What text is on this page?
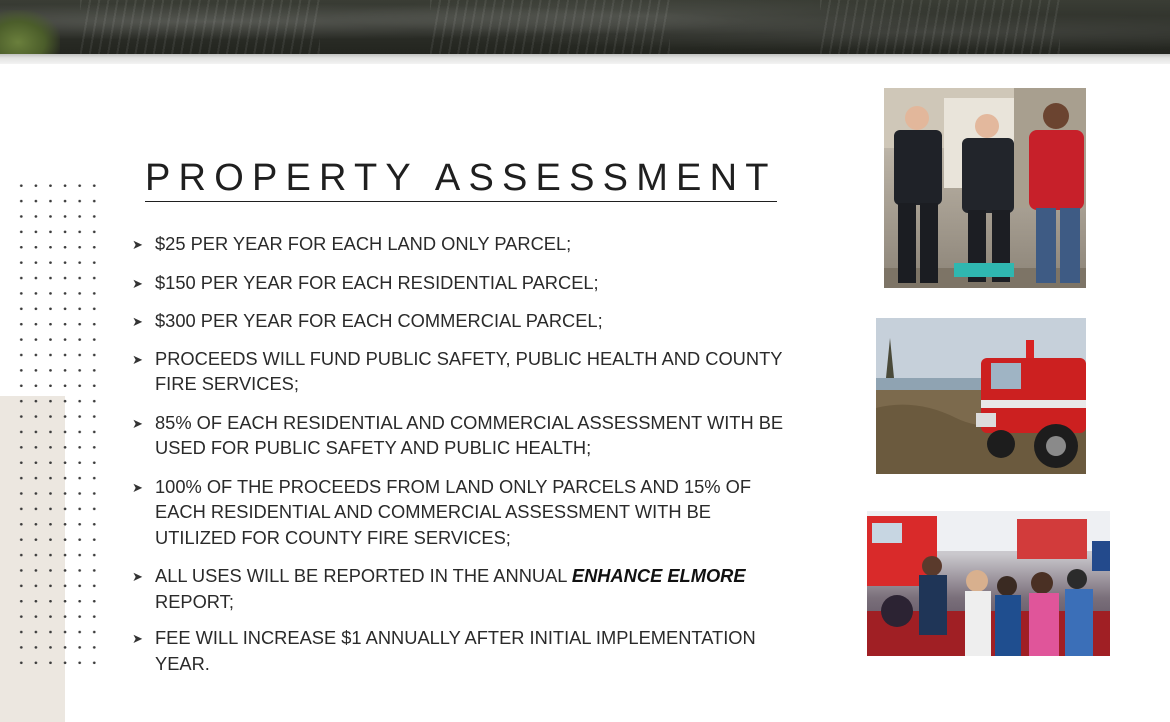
PROPERTY ASSESSMENT
➤ $25 PER YEAR FOR EACH LAND ONLY PARCEL;
➤ $150 PER YEAR FOR EACH RESIDENTIAL PARCEL;
➤ $300 PER YEAR FOR EACH COMMERCIAL PARCEL;
➤ PROCEEDS WILL FUND PUBLIC SAFETY, PUBLIC HEALTH AND COUNTY
FIRE SERVICES;
➤ 85% OF EACH RESIDENTIAL AND COMMERCIAL ASSESSMENT WITH BE
USED FOR PUBLIC SAFETY AND PUBLIC HEALTH;
➤ 100% OF THE PROCEEDS FROM LAND ONLY PARCELS AND 15% OF
EACH RESIDENTIAL AND COMMERCIAL ASSESSMENT WITH BE
UTILIZED FOR COUNTY FIRE SERVICES;
➤ ALL USES WILL BE REPORTED IN THE ANNUAL ENHANCE ELMORE
REPORT;
➤ FEE WILL INCREASE $1 ANNUALLY AFTER INITIAL IMPLEMENTATION
YEAR.
